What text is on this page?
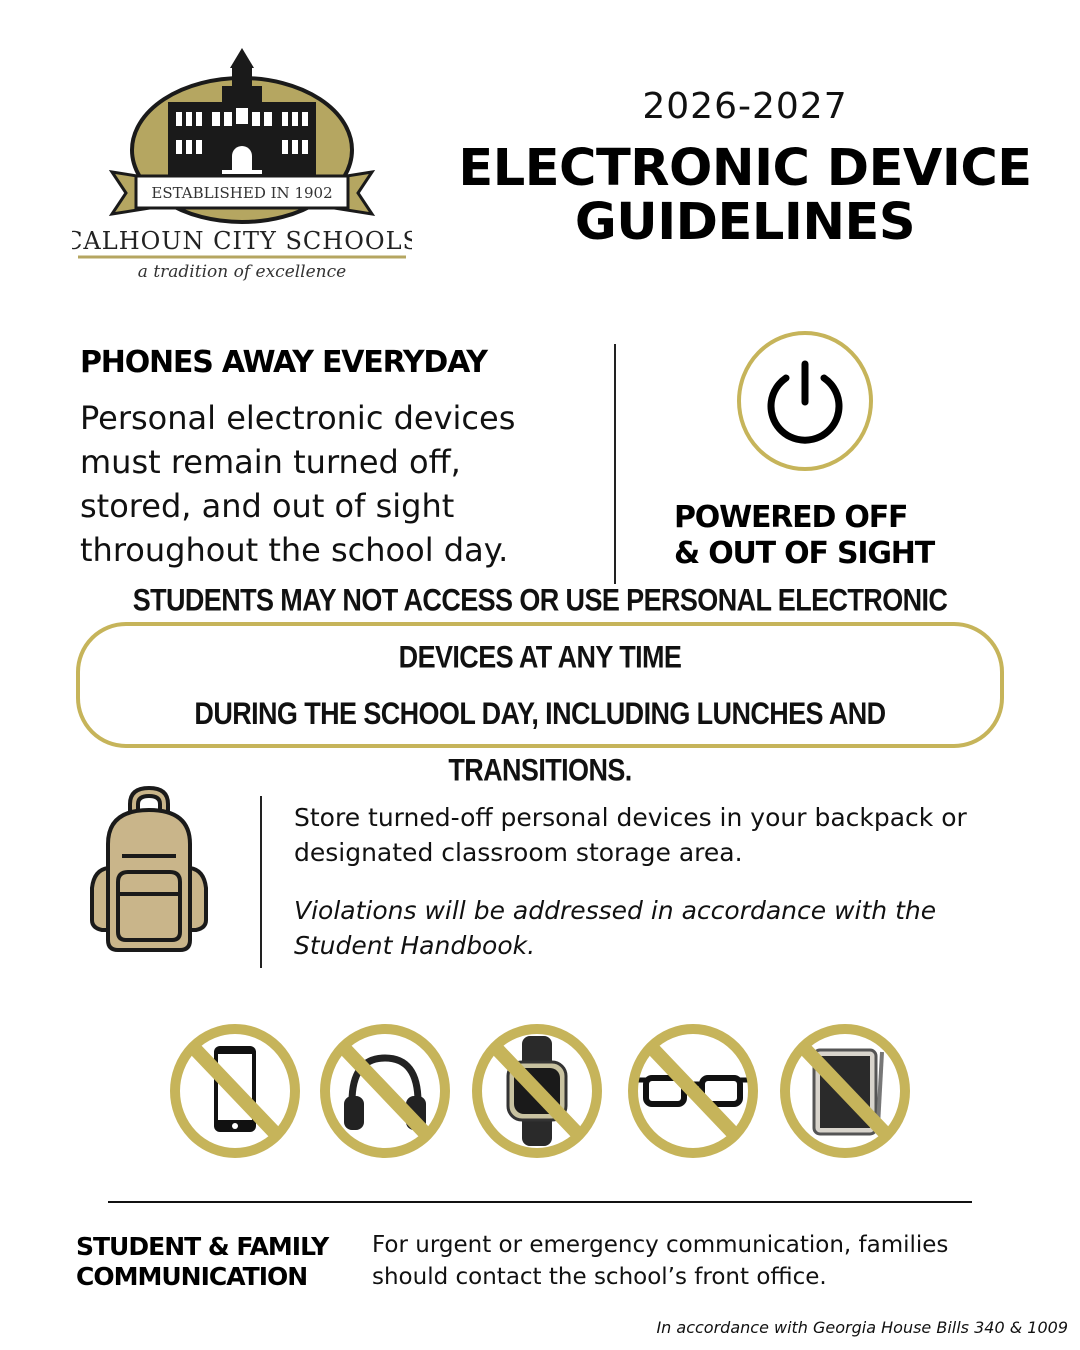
ESTABLISHED IN 1902
CALHOUN CITY SCHOOLS
a tradition of excellence
2026-2027
ELECTRONIC DEVICE
GUIDELINES
PHONES AWAY EVERYDAY
Personal electronic devices must remain turned off, stored, and out of sight throughout the school day.
POWERED OFF
& OUT OF SIGHT
STUDENTS MAY NOT ACCESS OR USE PERSONAL ELECTRONIC DEVICES AT ANY TIME
DURING THE SCHOOL DAY, INCLUDING LUNCHES AND TRANSITIONS.
Store turned-off personal devices in your backpack or designated classroom storage area.
Violations will be addressed in accordance with the Student Handbook.
STUDENT & FAMILY
COMMUNICATION
For urgent or emergency communication, families should contact the school’s front office.
In accordance with Georgia House Bills 340 & 1009
